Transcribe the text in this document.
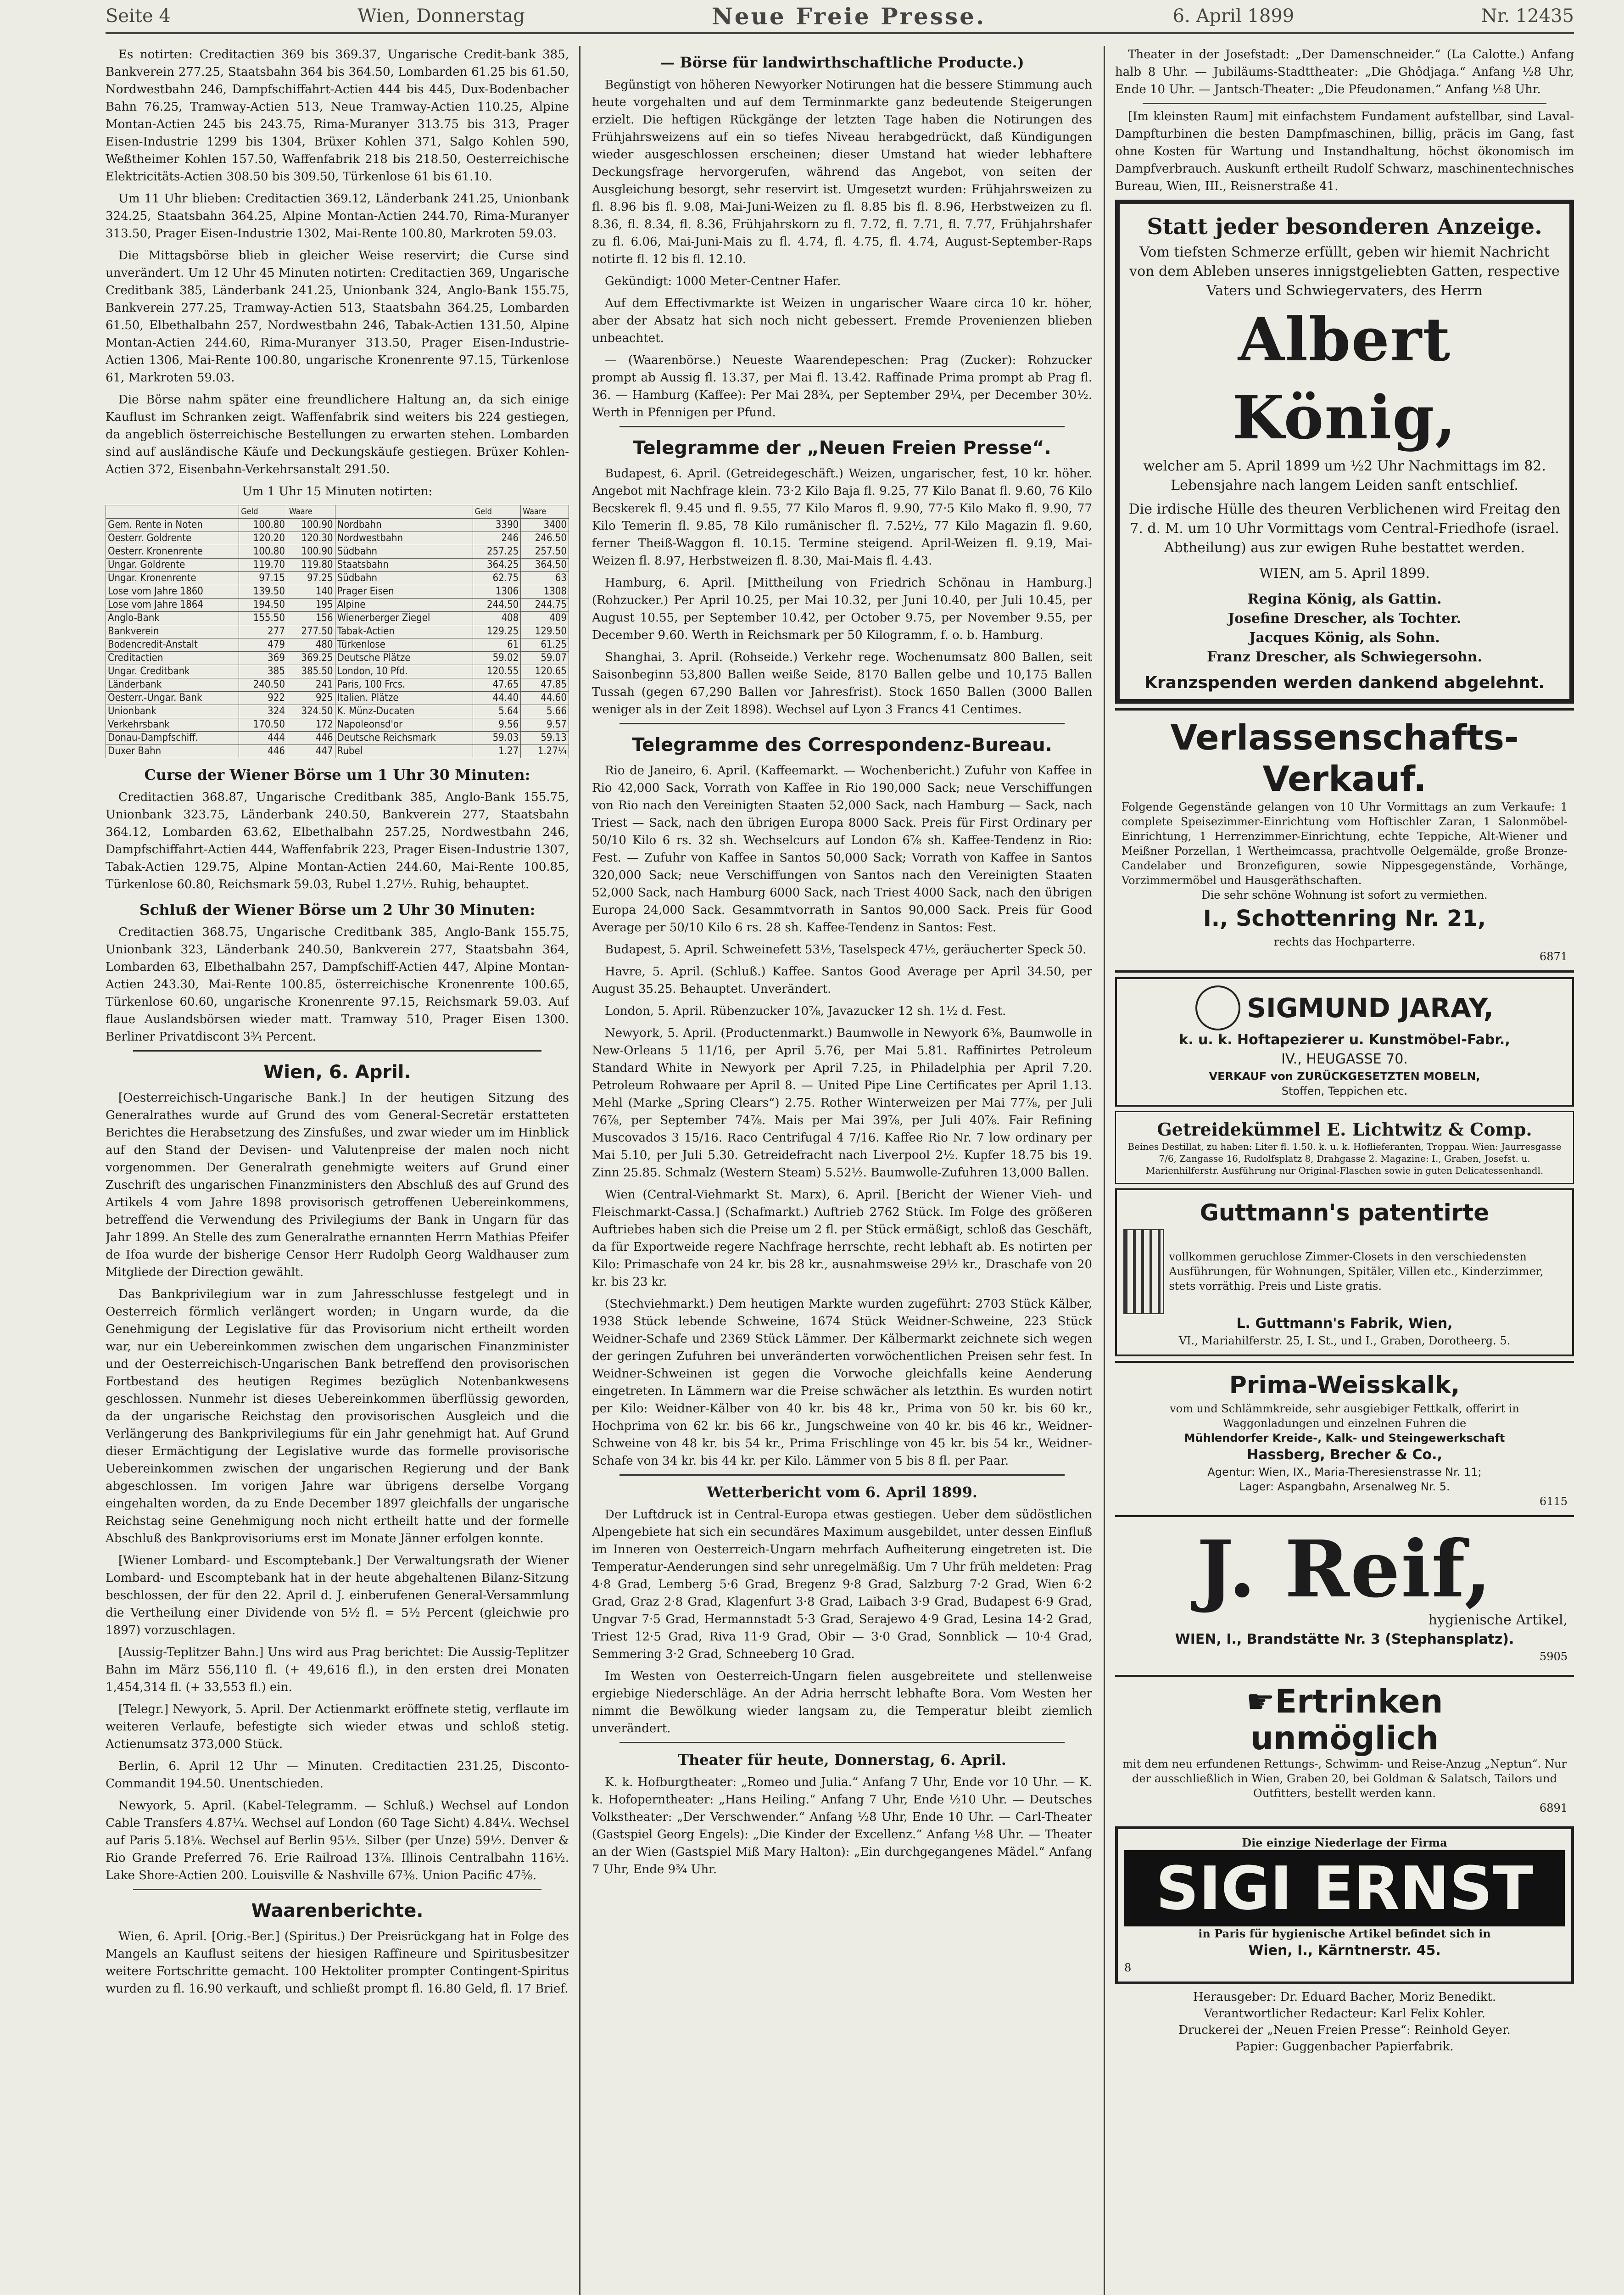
Seite 4	Wien, Donnerstag	Neue Freie Presse.	6. April 1899	Nr. 12435

Es notirten: Creditactien 369 bis 369.37, Ungarische Credit-bank 385, Bankverein 277.25, Staatsbahn 364 bis 364.50, Lombarden 61.25 bis 61.50, Nordwestbahn 246, Dampfschiffahrt-Actien 444 bis 445, Dux-Bodenbacher Bahn 76.25, Tramway-Actien 513, Neue Tramway-Actien 110.25, Alpine Montan-Actien 245 bis 243.75, Rima-Muranyer 313.75 bis 313, Prager Eisen-Industrie 1299 bis 1304, Brüxer Kohlen 371, Salgo Kohlen 590, Weßtheimer Kohlen 157.50, Waffenfabrik 218 bis 218.50, Oesterreichische Elektricitäts-Actien 308.50 bis 309.50, Türkenlose 61 bis 61.10.

Um 11 Uhr blieben: Creditactien 369.12, Länderbank 241.25, Unionbank 324.25, Staatsbahn 364.25, Alpine Montan-Actien 244.70, Rima-Muranyer 313.50, Prager Eisen-Industrie 1302, Mai-Rente 100.80, Markroten 59.03.

Die Mittagsbörse blieb in gleicher Weise reservirt; die Curse sind unverändert. Um 12 Uhr 45 Minuten notirten: Creditactien 369, Ungarische Creditbank 385, Länderbank 241.25, Unionbank 324, Anglo-Bank 155.75, Bankverein 277.25, Tramway-Actien 513, Staatsbahn 364.25, Lombarden 61.50, Elbethalbahn 257, Nordwestbahn 246, Tabak-Actien 131.50, Alpine Montan-Actien 244.60, Rima-Muranyer 313.50, Prager Eisen-Industrie-Actien 1306, Mai-Rente 100.80, ungarische Kronenrente 97.15, Türkenlose 61, Markroten 59.03.

Die Börse nahm später eine freundlichere Haltung an, da sich einige Kauflust im Schranken zeigt. Waffenfabrik sind weiters bis 224 gestiegen, da angeblich österreichische Bestellungen zu erwarten stehen. Lombarden sind auf ausländische Käufe und Deckungskäufe gestiegen. Brüxer Kohlen-Actien 372, Eisenbahn-Verkehrsanstalt 291.50.

Um 1 Uhr 15 Minuten notirten:

	Geld	Waare		Geld	Waare
Gem. Rente in Noten	100.80	100.90	Nordbahn	3390	3400
Oesterr. Goldrente	120.20	120.30	Nordwestbahn	246	246.50
Oesterr. Kronenrente	100.80	100.90	Südbahn	257.25	257.50
Ungar. Goldrente	119.70	119.80	Staatsbahn	364.25	364.50
Ungar. Kronenrente	97.15	97.25	Südbahn	62.75	63
Lose vom Jahre 1860	139.50	140	Prager Eisen	1306	1308
Lose vom Jahre 1864	194.50	195	Alpine	244.50	244.75
Anglo-Bank	155.50	156	Wienerberger Ziegel	408	409
Bankverein	277	277.50	Tabak-Actien	129.25	129.50
Bodencredit-Anstalt	479	480	Türkenlose	61	61.25
Creditactien	369	369.25	Deutsche Plätze	59.02	59.07
Ungar. Creditbank	385	385.50	London, 10 Pfd.	120.55	120.65
Länderbank	240.50	241	Paris, 100 Frcs.	47.65	47.85
Oesterr.-Ungar. Bank	922	925	Italien. Plätze	44.40	44.60
Unionbank	324	324.50	K. Münz-Ducaten	5.64	5.66
Verkehrsbank	170.50	172	Napoleonsd'or	9.56	9.57
Donau-Dampfschiff.	444	446	Deutsche Reichsmark	59.03	59.13
Duxer Bahn	446	447	Rubel	1.27	1.27¼

Curse der Wiener Börse um 1 Uhr 30 Minuten:

Creditactien 368.87, Ungarische Creditbank 385, Anglo-Bank 155.75, Unionbank 323.75, Länderbank 240.50, Bankverein 277, Staatsbahn 364.12, Lombarden 63.62, Elbethalbahn 257.25, Nordwestbahn 246, Dampfschiffahrt-Actien 444, Waffenfabrik 223, Prager Eisen-Industrie 1307, Tabak-Actien 129.75, Alpine Montan-Actien 244.60, Mai-Rente 100.85, Türkenlose 60.80, Reichsmark 59.03, Rubel 1.27½. Ruhig, behauptet.

Schluß der Wiener Börse um 2 Uhr 30 Minuten:

Creditactien 368.75, Ungarische Creditbank 385, Anglo-Bank 155.75, Unionbank 323, Länderbank 240.50, Bankverein 277, Staatsbahn 364, Lombarden 63, Elbethalbahn 257, Dampfschiff-Actien 447, Alpine Montan-Actien 243.30, Mai-Rente 100.85, österreichische Kronenrente 100.65, Türkenlose 60.60, ungarische Kronenrente 97.15, Reichsmark 59.03. Auf flaue Auslandsbörsen wieder matt. Tramway 510, Prager Eisen 1300. Berliner Privatdiscont 3¾ Percent.

Wien, 6. April.

[Oesterreichisch-Ungarische Bank.] In der heutigen Sitzung des Generalrathes wurde auf Grund des vom General-Secretär erstatteten Berichtes die Herabsetzung des Zinsfußes, und zwar wieder um im Hinblick auf den Stand der Devisen- und Valutenpreise der malen noch nicht vorgenommen. Der Generalrath genehmigte weiters auf Grund einer Zuschrift des ungarischen Finanzministers den Abschluß des auf Grund des Artikels 4 vom Jahre 1898 provisorisch getroffenen Uebereinkommens, betreffend die Verwendung des Privilegiums der Bank in Ungarn für das Jahr 1899. An Stelle des zum Generalrathe ernannten Herrn Mathias Pfeifer de Ifoa wurde der bisherige Censor Herr Rudolph Georg Waldhauser zum Mitgliede der Direction gewählt.

Das Bankprivilegium war in zum Jahresschlusse festgelegt und in Oesterreich förmlich verlängert worden; in Ungarn wurde, da die Genehmigung der Legislative für das Provisorium nicht ertheilt worden war, nur ein Uebereinkommen zwischen dem ungarischen Finanzminister und der Oesterreichisch-Ungarischen Bank betreffend den provisorischen Fortbestand des heutigen Regimes bezüglich Notenbankwesens geschlossen. Nunmehr ist dieses Uebereinkommen überflüssig geworden, da der ungarische Reichstag den provisorischen Ausgleich und die Verlängerung des Bankprivilegiums für ein Jahr genehmigt hat. Auf Grund dieser Ermächtigung der Legislative wurde das formelle provisorische Uebereinkommen zwischen der ungarischen Regierung und der Bank abgeschlossen. Im vorigen Jahre war übrigens derselbe Vorgang eingehalten worden, da zu Ende December 1897 gleichfalls der ungarische Reichstag seine Genehmigung noch nicht ertheilt hatte und der formelle Abschluß des Bankprovisoriums erst im Monate Jänner erfolgen konnte.

[Wiener Lombard- und Escomptebank.] Der Verwaltungsrath der Wiener Lombard- und Escomptebank hat in der heute abgehaltenen Bilanz-Sitzung beschlossen, der für den 22. April d. J. einberufenen General-Versammlung die Vertheilung einer Dividende von 5½ fl. = 5½ Percent (gleichwie pro 1897) vorzuschlagen.

[Aussig-Teplitzer Bahn.] Uns wird aus Prag berichtet: Die Aussig-Teplitzer Bahn im März 556,110 fl. (+ 49,616 fl.), in den ersten drei Monaten 1,454,314 fl. (+ 33,553 fl.) ein.

[Telegr.] Newyork, 5. April. Der Actienmarkt eröffnete stetig, verflaute im weiteren Verlaufe, befestigte sich wieder etwas und schloß stetig. Actienumsatz 373,000 Stück.

Berlin, 6. April 12 Uhr — Minuten. Creditactien 231.25, Disconto-Commandit 194.50. Unentschieden.

Newyork, 5. April. (Kabel-Telegramm. — Schluß.) Wechsel auf London Cable Transfers 4.87¼. Wechsel auf London (60 Tage Sicht) 4.84¼. Wechsel auf Paris 5.18⅛. Wechsel auf Berlin 95½. Silber (per Unze) 59½. Denver & Rio Grande Preferred 76. Erie Railroad 13⅞. Illinois Centralbahn 116½. Lake Shore-Actien 200. Louisville & Nashville 67⅜. Union Pacific 47⅝.

Waarenberichte.

Wien, 6. April. [Orig.-Ber.] (Spiritus.) Der Preisrückgang hat in Folge des Mangels an Kauflust seitens der hiesigen Raffineure und Spiritusbesitzer weitere Fortschritte gemacht. 100 Hektoliter prompter Contingent-Spiritus wurden zu fl. 16.90 verkauft, und schließt prompt fl. 16.80 Geld, fl. 17 Brief.

— Börse für landwirthschaftliche Producte.)

Begünstigt von höheren Newyorker Notirungen hat die bessere Stimmung auch heute vorgehalten und auf dem Terminmarkte ganz bedeutende Steigerungen erzielt. Die heftigen Rückgänge der letzten Tage haben die Notirungen des Frühjahrsweizens auf ein so tiefes Niveau herabgedrückt, daß Kündigungen wieder ausgeschlossen erscheinen; dieser Umstand hat wieder lebhaftere Deckungsfrage hervorgerufen, während das Angebot, von seiten der Ausgleichung besorgt, sehr reservirt ist. Umgesetzt wurden: Frühjahrsweizen zu fl. 8.96 bis fl. 9.08, Mai-Juni-Weizen zu fl. 8.85 bis fl. 8.96, Herbstweizen zu fl. 8.36, fl. 8.34, fl. 8.36, Frühjahrskorn zu fl. 7.72, fl. 7.71, fl. 7.77, Frühjahrshafer zu fl. 6.06, Mai-Juni-Mais zu fl. 4.74, fl. 4.75, fl. 4.74, August-September-Raps notirte fl. 12 bis fl. 12.10.

Gekündigt: 1000 Meter-Centner Hafer.

Auf dem Effectivmarkte ist Weizen in ungarischer Waare circa 10 kr. höher, aber der Absatz hat sich noch nicht gebessert. Fremde Provenienzen blieben unbeachtet.

— (Waarenbörse.) Neueste Waarendepeschen: Prag (Zucker): Rohzucker prompt ab Aussig fl. 13.37, per Mai fl. 13.42. Raffinade Prima prompt ab Prag fl. 36. — Hamburg (Kaffee): Per Mai 28¾, per September 29¼, per December 30½. Werth in Pfennigen per Pfund.

Telegramme der „Neuen Freien Presse“.

Budapest, 6. April. (Getreidegeschäft.) Weizen, ungarischer, fest, 10 kr. höher. Angebot mit Nachfrage klein. 73·2 Kilo Baja fl. 9.25, 77 Kilo Banat fl. 9.60, 76 Kilo Becskerek fl. 9.45 und fl. 9.55, 77 Kilo Maros fl. 9.90, 77·5 Kilo Mako fl. 9.90, 77 Kilo Temerin fl. 9.85, 78 Kilo rumänischer fl. 7.52½, 77 Kilo Magazin fl. 9.60, ferner Theiß-Waggon fl. 10.15. Termine steigend. April-Weizen fl. 9.19, Mai-Weizen fl. 8.97, Herbstweizen fl. 8.30, Mai-Mais fl. 4.43.

Hamburg, 6. April. [Mittheilung von Friedrich Schönau in Hamburg.] (Rohzucker.) Per April 10.25, per Mai 10.32, per Juni 10.40, per Juli 10.45, per August 10.55, per September 10.42, per October 9.75, per November 9.55, per December 9.60. Werth in Reichsmark per 50 Kilogramm, f. o. b. Hamburg.

Shanghai, 3. April. (Rohseide.) Verkehr rege. Wochenumsatz 800 Ballen, seit Saisonbeginn 53,800 Ballen weiße Seide, 8170 Ballen gelbe und 10,175 Ballen Tussah (gegen 67,290 Ballen vor Jahresfrist). Stock 1650 Ballen (3000 Ballen weniger als in der Zeit 1898). Wechsel auf Lyon 3 Francs 41 Centimes.

Telegramme des Correspondenz-Bureau.

Rio de Janeiro, 6. April. (Kaffeemarkt. — Wochenbericht.) Zufuhr von Kaffee in Rio 42,000 Sack, Vorrath von Kaffee in Rio 190,000 Sack; neue Verschiffungen von Rio nach den Vereinigten Staaten 52,000 Sack, nach Hamburg — Sack, nach Triest — Sack, nach den übrigen Europa 8000 Sack. Preis für First Ordinary per 50/10 Kilo 6 rs. 32 sh. Wechselcurs auf London 6⅞ sh. Kaffee-Tendenz in Rio: Fest. — Zufuhr von Kaffee in Santos 50,000 Sack; Vorrath von Kaffee in Santos 320,000 Sack; neue Verschiffungen von Santos nach den Vereinigten Staaten 52,000 Sack, nach Hamburg 6000 Sack, nach Triest 4000 Sack, nach den übrigen Europa 24,000 Sack. Gesammtvorrath in Santos 90,000 Sack. Preis für Good Average per 50/10 Kilo 6 rs. 28 sh. Kaffee-Tendenz in Santos: Fest.

Budapest, 5. April. Schweinefett 53½, Taselspeck 47½, geräucherter Speck 50.

Havre, 5. April. (Schluß.) Kaffee. Santos Good Average per April 34.50, per August 35.25. Behauptet. Unverändert.

London, 5. April. Rübenzucker 10⅞, Javazucker 12 sh. 1½ d. Fest.

Newyork, 5. April. (Productenmarkt.) Baumwolle in Newyork 6⅜, Baumwolle in New-Orleans 5 11/16, per April 5.76, per Mai 5.81. Raffinirtes Petroleum Standard White in Newyork per April 7.25, in Philadelphia per April 7.20. Petroleum Rohwaare per April 8. — United Pipe Line Certificates per April 1.13. Mehl (Marke „Spring Clears“) 2.75. Rother Winterweizen per Mai 77⅞, per Juli 76⅞, per September 74⅞. Mais per Mai 39⅞, per Juli 40⅞. Fair Refining Muscovados 3 15/16. Raco Centrifugal 4 7/16. Kaffee Rio Nr. 7 low ordinary per Mai 5.10, per Juli 5.30. Getreidefracht nach Liverpool 2½. Kupfer 18.75 bis 19. Zinn 25.85. Schmalz (Western Steam) 5.52½. Baumwolle-Zufuhren 13,000 Ballen.

Wien (Central-Viehmarkt St. Marx), 6. April. [Bericht der Wiener Vieh- und Fleischmarkt-Cassa.] (Schafmarkt.) Auftrieb 2762 Stück. Im Folge des größeren Auftriebes haben sich die Preise um 2 fl. per Stück ermäßigt, schloß das Geschäft, da für Exportweide regere Nachfrage herrschte, recht lebhaft ab. Es notirten per Kilo: Primaschafe von 24 kr. bis 28 kr., ausnahmsweise 29½ kr., Draschafe von 20 kr. bis 23 kr.

(Stechviehmarkt.) Dem heutigen Markte wurden zugeführt: 2703 Stück Kälber, 1938 Stück lebende Schweine, 1674 Stück Weidner-Schweine, 223 Stück Weidner-Schafe und 2369 Stück Lämmer. Der Kälbermarkt zeichnete sich wegen der geringen Zufuhren bei unveränderten vorwöchentlichen Preisen sehr fest. In Weidner-Schweinen ist gegen die Vorwoche gleichfalls keine Aenderung eingetreten. In Lämmern war die Preise schwächer als letzthin. Es wurden notirt per Kilo: Weidner-Kälber von 40 kr. bis 48 kr., Prima von 50 kr. bis 60 kr., Hochprima von 62 kr. bis 66 kr., Jungschweine von 40 kr. bis 46 kr., Weidner-Schweine von 48 kr. bis 54 kr., Prima Frischlinge von 45 kr. bis 54 kr., Weidner-Schafe von 34 kr. bis 44 kr. per Kilo. Lämmer von 5 bis 8 fl. per Paar.

Wetterbericht vom 6. April 1899.

Der Luftdruck ist in Central-Europa etwas gestiegen. Ueber dem südöstlichen Alpengebiete hat sich ein secundäres Maximum ausgebildet, unter dessen Einfluß im Inneren von Oesterreich-Ungarn mehrfach Aufheiterung eingetreten ist. Die Temperatur-Aenderungen sind sehr unregelmäßig. Um 7 Uhr früh meldeten: Prag 4·8 Grad, Lemberg 5·6 Grad, Bregenz 9·8 Grad, Salzburg 7·2 Grad, Wien 6·2 Grad, Graz 2·8 Grad, Klagenfurt 3·8 Grad, Laibach 3·9 Grad, Budapest 6·9 Grad, Ungvar 7·5 Grad, Hermannstadt 5·3 Grad, Serajewo 4·9 Grad, Lesina 14·2 Grad, Triest 12·5 Grad, Riva 11·9 Grad, Obir — 3·0 Grad, Sonnblick — 10·4 Grad, Semmering 3·2 Grad, Schneeberg 10 Grad.

Im Westen von Oesterreich-Ungarn fielen ausgebreitete und stellenweise ergiebige Niederschläge. An der Adria herrscht lebhafte Bora. Vom Westen her nimmt die Bewölkung wieder langsam zu, die Temperatur bleibt ziemlich unverändert.

Theater für heute, Donnerstag, 6. April.

K. k. Hofburgtheater: „Romeo und Julia.“ Anfang 7 Uhr, Ende vor 10 Uhr. — K. k. Hofoperntheater: „Hans Heiling.“ Anfang 7 Uhr, Ende ½10 Uhr. — Deutsches Volkstheater: „Der Verschwender.“ Anfang ½8 Uhr, Ende 10 Uhr. — Carl-Theater (Gastspiel Georg Engels): „Die Kinder der Excellenz.“ Anfang ½8 Uhr. — Theater an der Wien (Gastspiel Miß Mary Halton): „Ein durchgegangenes Mädel.“ Anfang 7 Uhr, Ende 9¾ Uhr.

Theater in der Josefstadt: „Der Damenschneider.“ (La Calotte.) Anfang halb 8 Uhr. — Jubiläums-Stadttheater: „Die Ghôdjaga.“ Anfang ½8 Uhr, Ende 10 Uhr. — Jantsch-Theater: „Die Pfeudonamen.“ Anfang ½8 Uhr.

[Im kleinsten Raum] mit einfachstem Fundament aufstellbar, sind Laval-Dampfturbinen die besten Dampfmaschinen, billig, präcis im Gang, fast ohne Kosten für Wartung und Instandhaltung, höchst ökonomisch im Dampfverbrauch. Auskunft ertheilt Rudolf Schwarz, maschinentechnisches Bureau, Wien, III., Reisnerstraße 41.

Statt jeder besonderen Anzeige.
Vom tiefsten Schmerze erfüllt, geben wir hiemit Nachricht von dem Ableben unseres innigstgeliebten Gatten, respective Vaters und Schwiegervaters, des Herrn
Albert König,
welcher am 5. April 1899 um ½2 Uhr Nachmittags im 82. Lebensjahre nach langem Leiden sanft entschlief.
Die irdische Hülle des theuren Verblichenen wird Freitag den 7. d. M. um 10 Uhr Vormittags vom Central-Friedhofe (israel. Abtheilung) aus zur ewigen Ruhe bestattet werden.
WIEN, am 5. April 1899.
Regina König, als Gattin.
Josefine Drescher, als Tochter.
Jacques König, als Sohn.
Franz Drescher, als Schwiegersohn.
Kranzspenden werden dankend abgelehnt.
Verlassenschafts-
Verkauf.
Folgende Gegenstände gelangen von 10 Uhr Vormittags an zum Verkaufe: 1 complete Speisezimmer-Einrichtung vom Hoftischler Zaran, 1 Salonmöbel-Einrichtung, 1 Herrenzimmer-Einrichtung, echte Teppiche, Alt-Wiener und Meißner Porzellan, 1 Wertheimcassa, prachtvolle Oelgemälde, große Bronze-Candelaber und Bronzefiguren, sowie Nippesgegenstände, Vorhänge, Vorzimmermöbel und Hausgeräthschaften.
Die sehr schöne Wohnung ist sofort zu vermiethen.
I., Schottenring Nr. 21,
rechts das Hochparterre.
6871
SIGMUND JARAY,
k. u. k. Hoftapezierer u. Kunstmöbel-Fabr.,
IV., HEUGASSE 70.
VERKAUF von ZURÜCKGESETZTEN MOBELN,
Stoffen, Teppichen etc.
Getreidekümmel E. Lichtwitz & Comp.
Beines Destillat, zu haben: Liter fl. 1.50. k. u. k. Hoflieferanten, Troppau. Wien: Jaurresgasse 7/6, Zangasse 16, Rudolfsplatz 8, Drahgasse 2. Magazine: I., Graben, Josefst. u. Marienhilferstr. Ausführung nur Original-Flaschen sowie in guten Delicatessenhandl.
Guttmann's patentirte
vollkommen geruchlose Zimmer-Closets in den verschiedensten Ausführungen, für Wohnungen, Spitäler, Villen etc., Kinderzimmer, stets vorräthig. Preis und Liste gratis.
L. Guttmann's Fabrik, Wien,
VI., Mariahilferstr. 25, I. St., und I., Graben, Dorotheerg. 5.
Prima-Weisskalk,
vom und Schlämmkreide, sehr ausgiebiger Fettkalk, offerirt in Waggonladungen und einzelnen Fuhren die
Mühlendorfer Kreide-, Kalk- und Steingewerkschaft
Hassberg, Brecher & Co.,
Agentur: Wien, IX., Maria-Theresienstrasse Nr. 11;
Lager: Aspangbahn, Arsenalweg Nr. 5.
6115
J. Reif,
hygienische Artikel,
WIEN, I., Brandstätte Nr. 3 (Stephansplatz).
5905
☛ Ertrinken
unmöglich
mit dem neu erfundenen Rettungs-, Schwimm- und Reise-Anzug „Neptun“. Nur der ausschließlich in Wien, Graben 20, bei Goldman & Salatsch, Tailors und Outfitters, bestellt werden kann.
6891
Die einzige Niederlage der Firma
SIGI ERNST
in Paris für hygienische Artikel befindet sich in
Wien, I., Kärntnerstr. 45.
8
Herausgeber: Dr. Eduard Bacher, Moriz Benedikt.
Verantwortlicher Redacteur: Karl Felix Kohler.
Druckerei der „Neuen Freien Presse“: Reinhold Geyer.
Papier: Guggenbacher Papierfabrik.
